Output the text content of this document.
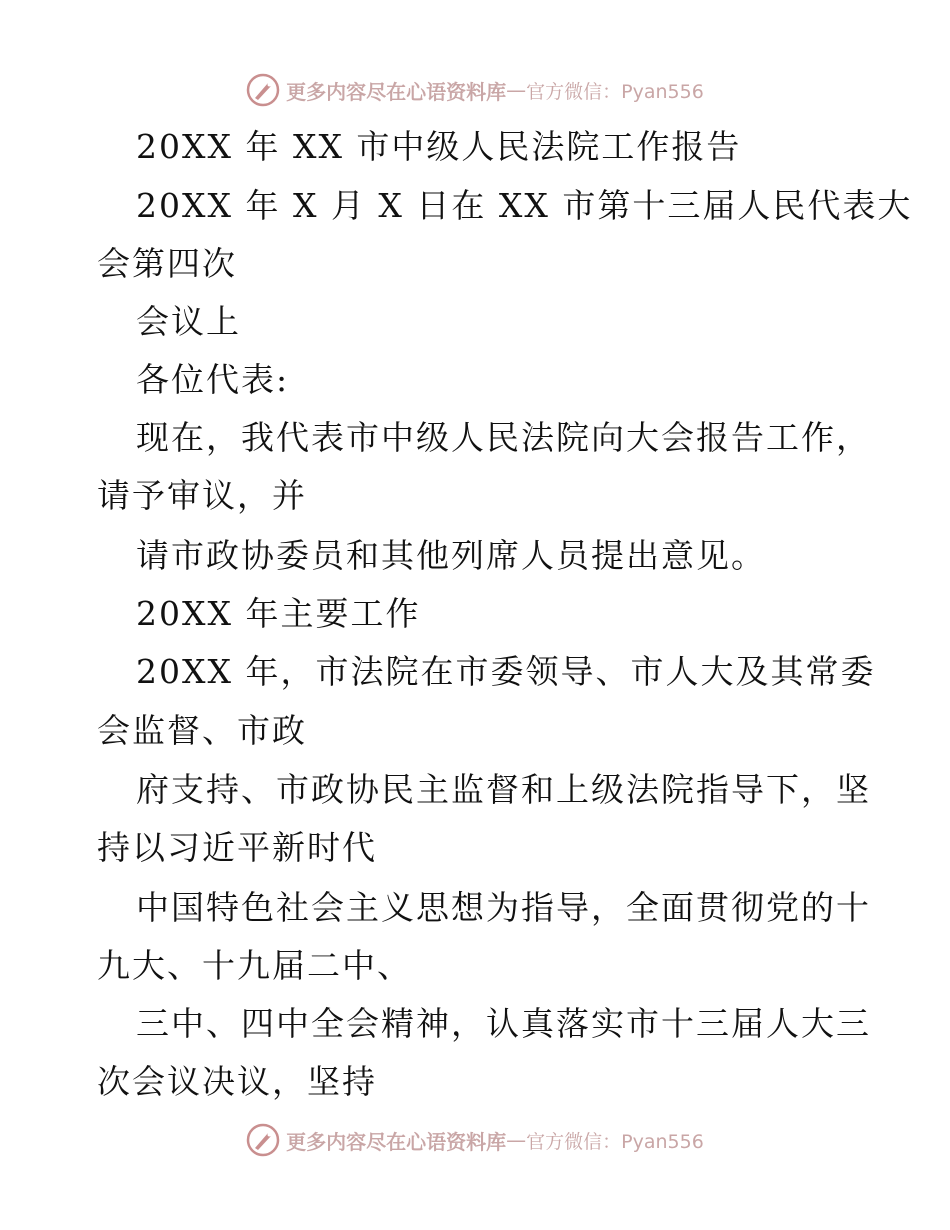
更多内容尽在心语资料库 — 官方微信：Pyan556
20XX 年 XX 市中级人民法院工作报告
20XX 年 X 月 X 日在 XX 市第十三届人民代表大
会第四次
会议上
各位代表:
现在，我代表市中级人民法院向大会报告工作，
请予审议，并
请市政协委员和其他列席人员提出意见。
20XX 年主要工作
20XX 年，市法院在市委领导、市人大及其常委
会监督、市政
府支持、市政协民主监督和上级法院指导下，坚
持以习近平新时代
中国特色社会主义思想为指导，全面贯彻党的十
九大、十九届二中、
三中、四中全会精神，认真落实市十三届人大三
次会议决议，坚持
更多内容尽在心语资料库 — 官方微信：Pyan556
